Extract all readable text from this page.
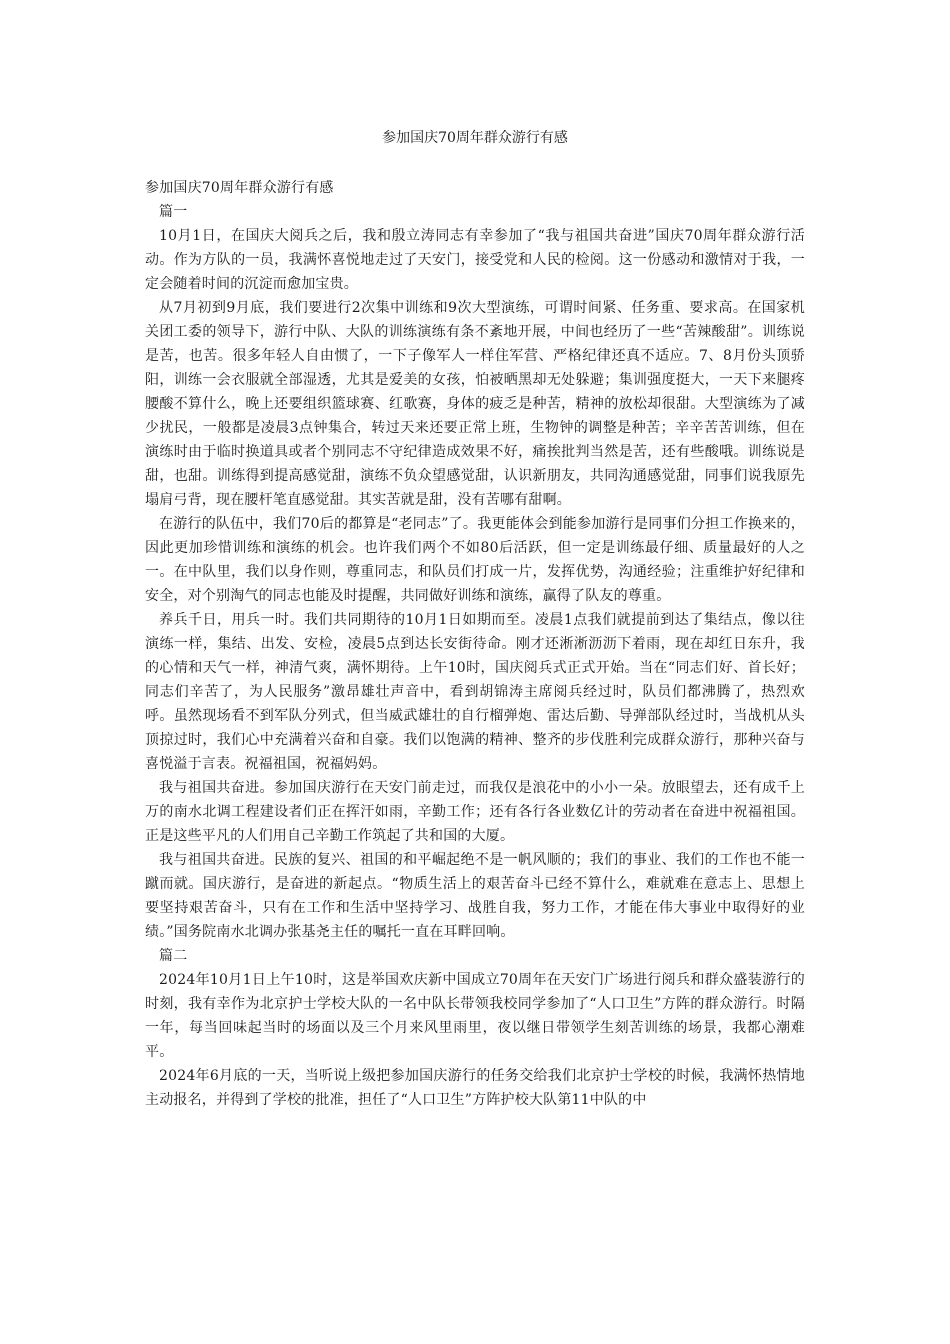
参加国庆70周年群众游行有感

参加国庆70周年群众游行有感

篇一

10月1日，在国庆大阅兵之后，我和殷立涛同志有幸参加了“我与祖国共奋进”国庆70周年群众游行活动。作为方队的一员，我满怀喜悦地走过了天安门，接受党和人民的检阅。这一份感动和激情对于我，一定会随着时间的沉淀而愈加宝贵。

从7月初到9月底，我们要进行2次集中训练和9次大型演练，可谓时间紧、任务重、要求高。在国家机关团工委的领导下，游行中队、大队的训练演练有条不紊地开展，中间也经历了一些“苦辣酸甜”。训练说是苦，也苦。很多年轻人自由惯了，一下子像军人一样住军营、严格纪律还真不适应。7、8月份头顶骄阳，训练一会衣服就全部湿透，尤其是爱美的女孩，怕被晒黑却无处躲避；集训强度挺大，一天下来腿疼腰酸不算什么，晚上还要组织篮球赛、红歌赛，身体的疲乏是种苦，精神的放松却很甜。大型演练为了减少扰民，一般都是凌晨3点钟集合，转过天来还要正常上班，生物钟的调整是种苦；辛辛苦苦训练，但在演练时由于临时换道具或者个别同志不守纪律造成效果不好，痛挨批判当然是苦，还有些酸哦。训练说是甜，也甜。训练得到提高感觉甜，演练不负众望感觉甜，认识新朋友，共同沟通感觉甜，同事们说我原先塌肩弓背，现在腰杆笔直感觉甜。其实苦就是甜，没有苦哪有甜啊。

在游行的队伍中，我们70后的都算是“老同志”了。我更能体会到能参加游行是同事们分担工作换来的，因此更加珍惜训练和演练的机会。也许我们两个不如80后活跃，但一定是训练最仔细、质量最好的人之一。在中队里，我们以身作则，尊重同志，和队员们打成一片，发挥优势，沟通经验；注重维护好纪律和安全，对个别淘气的同志也能及时提醒，共同做好训练和演练，赢得了队友的尊重。

养兵千日，用兵一时。我们共同期待的10月1日如期而至。凌晨1点我们就提前到达了集结点，像以往演练一样，集结、出发、安检，凌晨5点到达长安街待命。刚才还淅淅沥沥下着雨，现在却红日东升，我的心情和天气一样，神清气爽，满怀期待。上午10时，国庆阅兵式正式开始。当在“同志们好、首长好；同志们辛苦了，为人民服务”激昂雄壮声音中，看到胡锦涛主席阅兵经过时，队员们都沸腾了，热烈欢呼。虽然现场看不到军队分列式，但当威武雄壮的自行榴弹炮、雷达后勤、导弹部队经过时，当战机从头顶掠过时，我们心中充满着兴奋和自豪。我们以饱满的精神、整齐的步伐胜利完成群众游行，那种兴奋与喜悦溢于言表。祝福祖国，祝福妈妈。

我与祖国共奋进。参加国庆游行在天安门前走过，而我仅是浪花中的小小一朵。放眼望去，还有成千上万的南水北调工程建设者们正在挥汗如雨，辛勤工作；还有各行各业数亿计的劳动者在奋进中祝福祖国。正是这些平凡的人们用自己辛勤工作筑起了共和国的大厦。

我与祖国共奋进。民族的复兴、祖国的和平崛起绝不是一帆风顺的；我们的事业、我们的工作也不能一蹴而就。国庆游行，是奋进的新起点。“物质生活上的艰苦奋斗已经不算什么，难就难在意志上、思想上要坚持艰苦奋斗，只有在工作和生活中坚持学习、战胜自我，努力工作，才能在伟大事业中取得好的业绩。”国务院南水北调办张基尧主任的嘱托一直在耳畔回响。

篇二

2024年10月1日上午10时，这是举国欢庆新中国成立70周年在天安门广场进行阅兵和群众盛装游行的时刻，我有幸作为北京护士学校大队的一名中队长带领我校同学参加了“人口卫生”方阵的群众游行。时隔一年，每当回味起当时的场面以及三个月来风里雨里，夜以继日带领学生刻苦训练的场景，我都心潮难平。

2024年6月底的一天，当听说上级把参加国庆游行的任务交给我们北京护士学校的时候，我满怀热情地主动报名，并得到了学校的批准，担任了“人口卫生”方阵护校大队第11中队的中
